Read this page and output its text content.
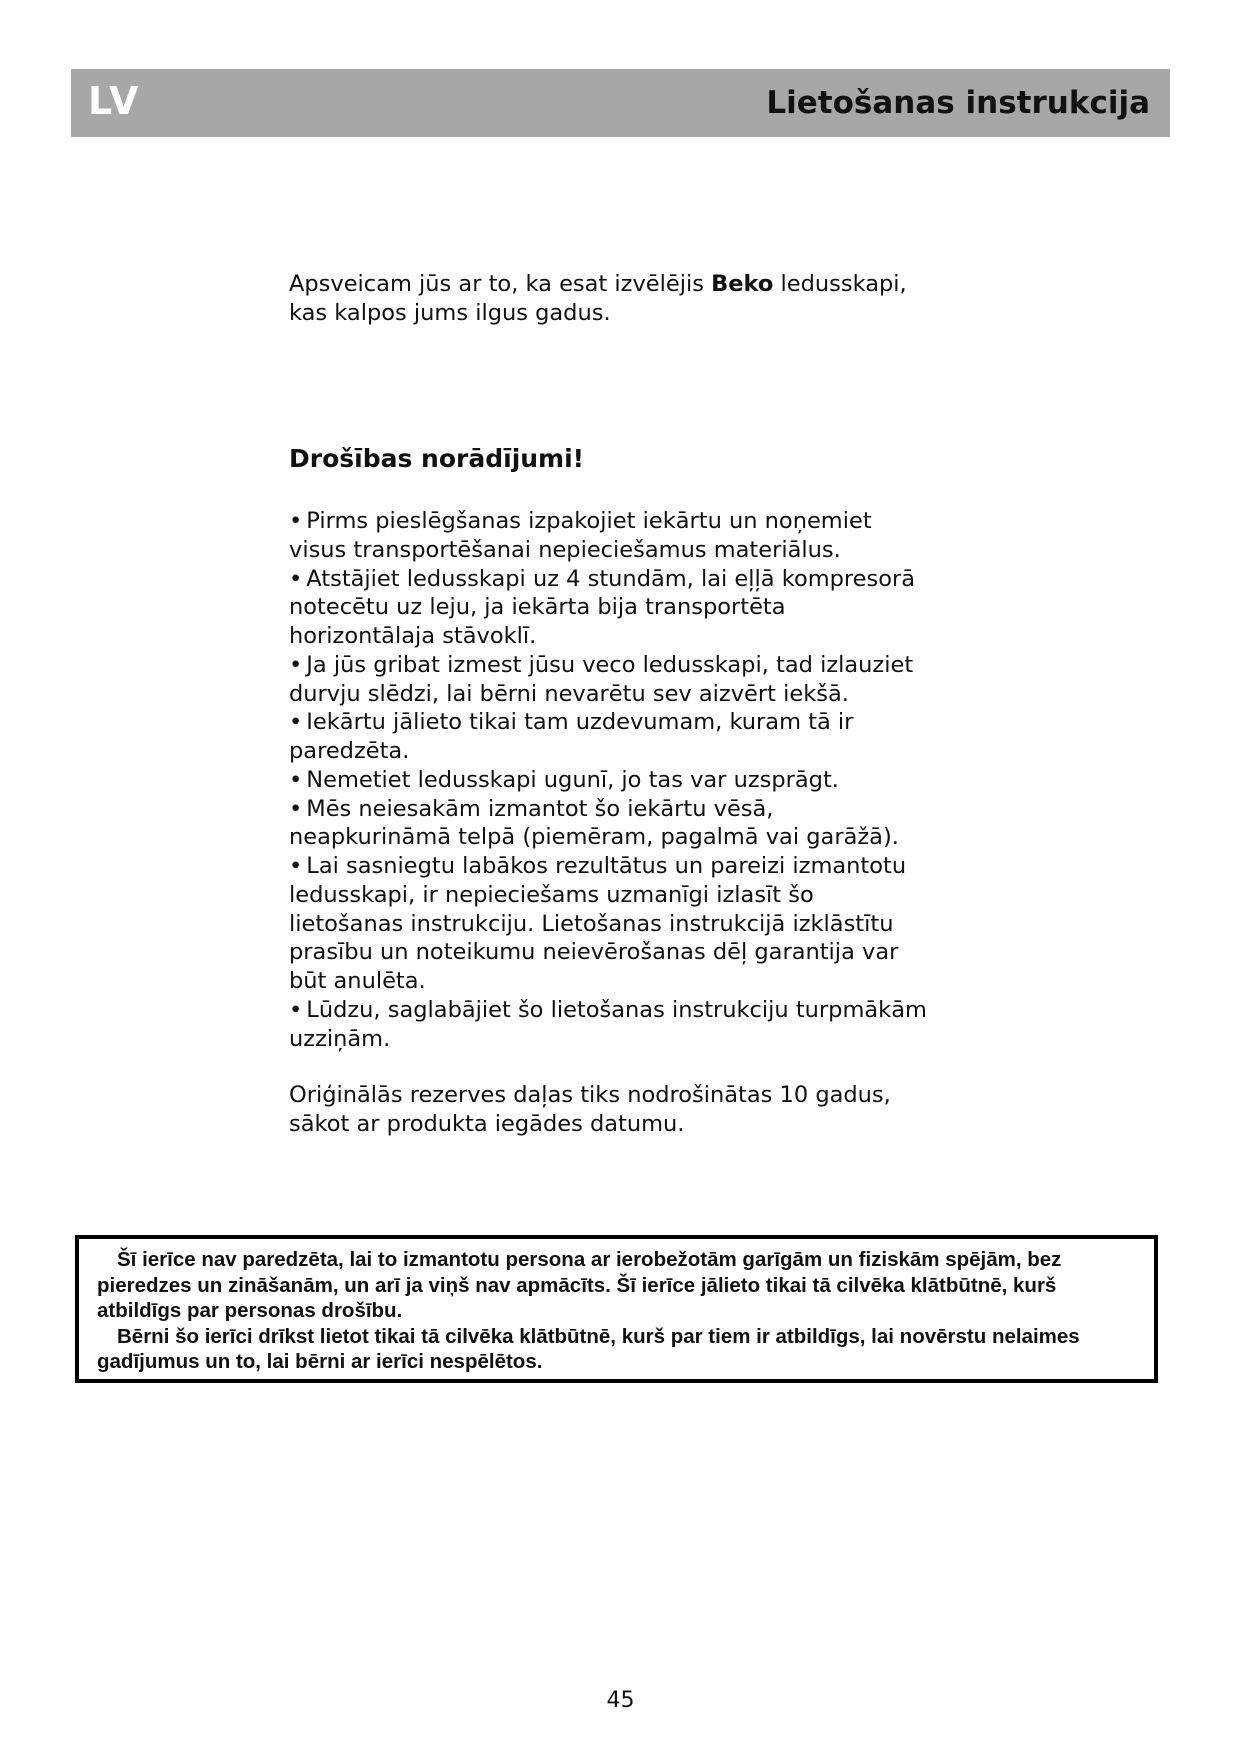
LV	Lietošanas instrukcija

Apsveicam jūs ar to, ka esat izvēlējis Beko ledusskapi,

kas kalpos jums ilgus gadus.

Drošības norādījumi!
• Pirms pieslēgšanas izpakojiet iekārtu un noņemiet visus transportēšanai nepieciešamus materiālus.
• Atstājiet ledusskapi uz 4 stundām, lai eļļā kompresorā notecētu uz leju, ja iekārta bija transportēta horizontālaja stāvoklī.
• Ja jūs gribat izmest jūsu veco ledusskapi, tad izlauziet durvju slēdzi, lai bērni nevarētu sev aizvērt iekšā.
• Iekārtu jālieto tikai tam uzdevumam, kuram tā ir paredzēta.
• Nemetiet ledusskapi ugunī, jo tas var uzsprāgt.
• Mēs neiesakām izmantot šo iekārtu vēsā, neapkurināmā telpā (piemēram, pagalmā vai garāžā).
• Lai sasniegtu labākos rezultātus un pareizi izmantotu ledusskapi, ir nepieciešams uzmanīgi izlasīt šo lietošanas instrukciju. Lietošanas instrukcijā izklāstītu prasību un noteikumu neievērošanas dēļ garantija var būt anulēta.
• Lūdzu, saglabājiet šo lietošanas instrukciju turpmākām uzziņām.

Oriģinālās rezerves daļas tiks nodrošinātas 10 gadus,

sākot ar produkta iegādes datumu.

Šī ierīce nav paredzēta, lai to izmantotu persona ar ierobežotām garīgām un fiziskām spējām, bez pieredzes un zināšanām, un arī ja viņš nav apmācīts. Šī ierīce jālieto tikai tā cilvēka klātbūtnē, kurš atbildīgs par personas drošību.

Bērni šo ierīci drīkst lietot tikai tā cilvēka klātbūtnē, kurš par tiem ir atbildīgs, lai novērstu nelaimes gadījumus un to, lai bērni ar ierīci nespēlētos.

45
